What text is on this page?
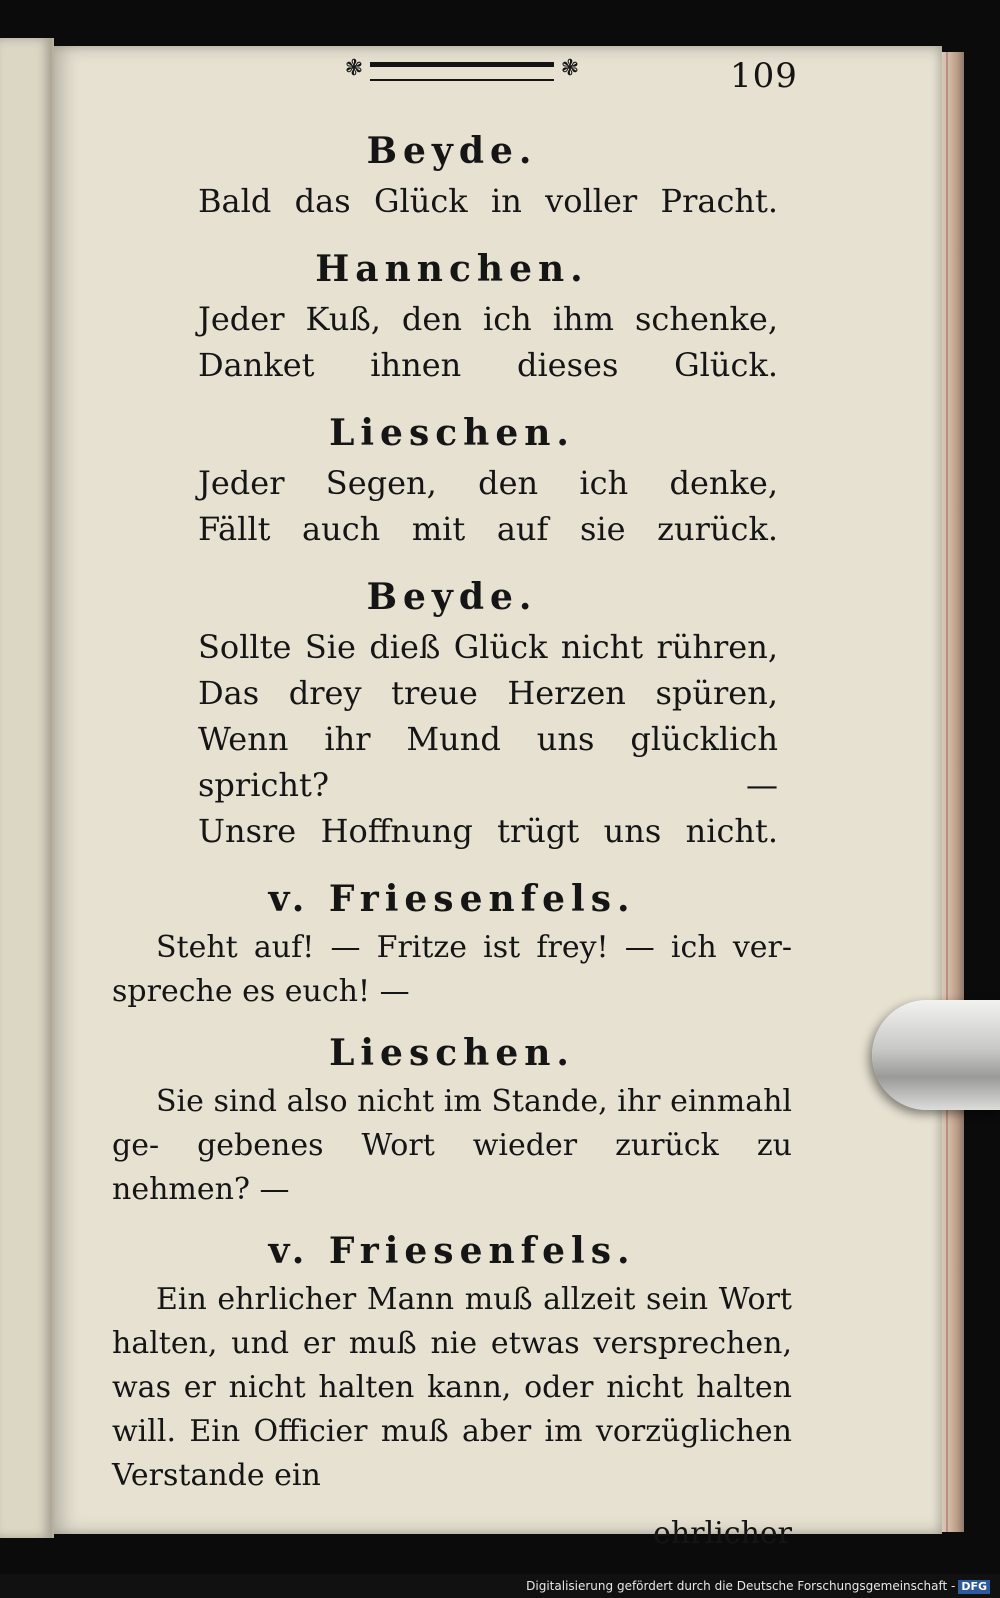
❃	❃	109
Beyde.
Bald das Glück in voller Pracht.
Hannchen.
Jeder Kuß, den ich ihm schenke,
Danket ihnen dieses Glück.
Lieschen.
Jeder Segen, den ich denke,
Fällt auch mit auf sie zurück.
Beyde.
Sollte Sie dieß Glück nicht rühren,
Das drey treue Herzen spüren,
Wenn ihr Mund uns glücklich spricht? —
Unsre Hoffnung trügt uns nicht.
v. Friesenfels.

Steht auf! — Fritze ist frey! — ich ver- spreche es euch! —

Lieschen.

Sie sind also nicht im Stande, ihr einmahl ge- gebenes Wort wieder zurück zu nehmen? —

v. Friesenfels.

Ein ehrlicher Mann muß allzeit sein Wort halten, und er muß nie etwas versprechen, was er nicht halten kann, oder nicht halten will. Ein Officier muß aber im vorzüglichen Verstande ein

ehrlicher
Digitalisierung gefördert durch die Deutsche Forschungsgemeinschaft - DFG
